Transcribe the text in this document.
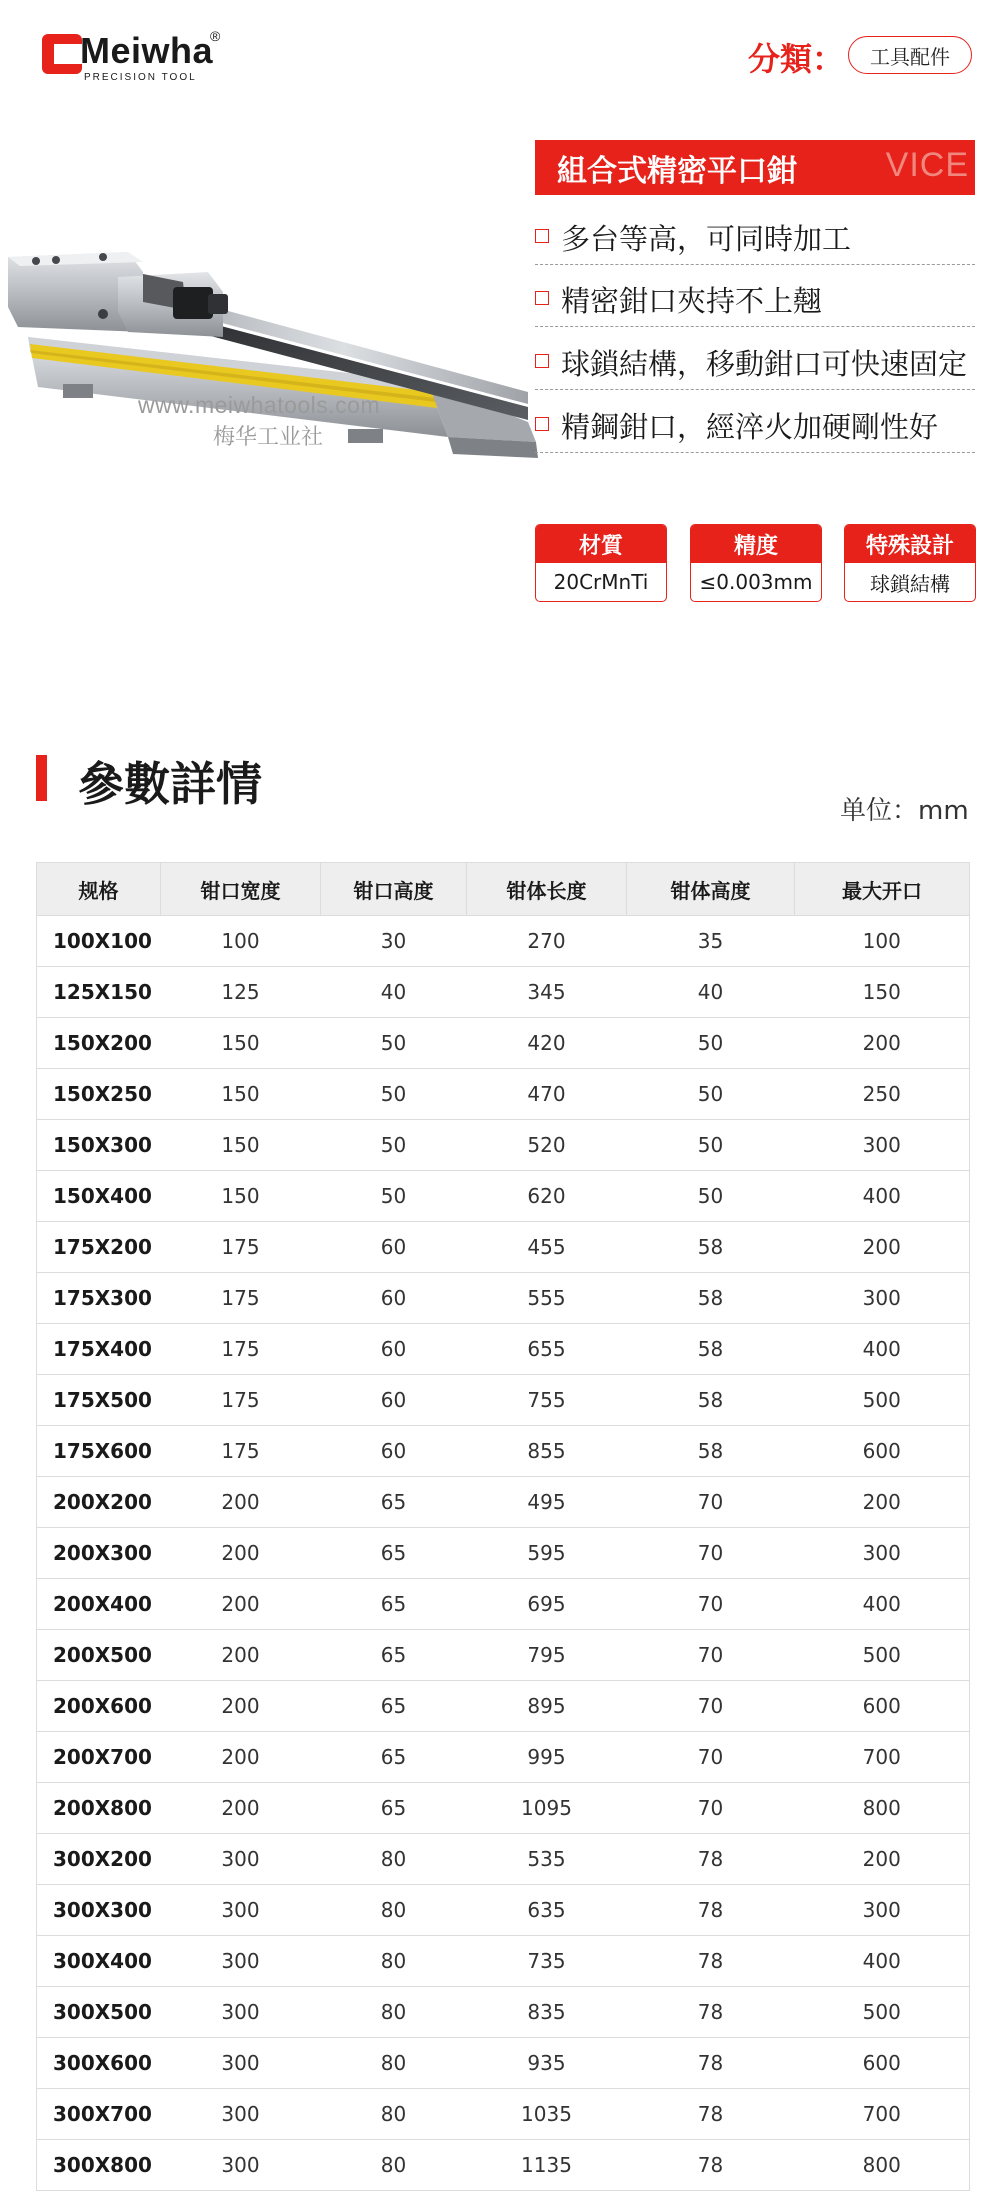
Meiwha
®
PRECISION TOOL	分類： 工具配件
www.meiwhatools.com
梅华工业社
組合式精密平口鉗	VICE
多台等高，可同時加工
精密鉗口夾持不上翹
球鎖結構，移動鉗口可快速固定
精鋼鉗口，經淬火加硬剛性好
材質
20CrMnTi
精度
≤0.003mm
特殊設計
球鎖結構
參數詳情	单位：mm
规格	钳口宽度	钳口高度	钳体长度	钳体高度	最大开口
100X100	100	30	270	35	100
125X150	125	40	345	40	150
150X200	150	50	420	50	200
150X250	150	50	470	50	250
150X300	150	50	520	50	300
150X400	150	50	620	50	400
175X200	175	60	455	58	200
175X300	175	60	555	58	300
175X400	175	60	655	58	400
175X500	175	60	755	58	500
175X600	175	60	855	58	600
200X200	200	65	495	70	200
200X300	200	65	595	70	300
200X400	200	65	695	70	400
200X500	200	65	795	70	500
200X600	200	65	895	70	600
200X700	200	65	995	70	700
200X800	200	65	1095	70	800
300X200	300	80	535	78	200
300X300	300	80	635	78	300
300X400	300	80	735	78	400
300X500	300	80	835	78	500
300X600	300	80	935	78	600
300X700	300	80	1035	78	700
300X800	300	80	1135	78	800
